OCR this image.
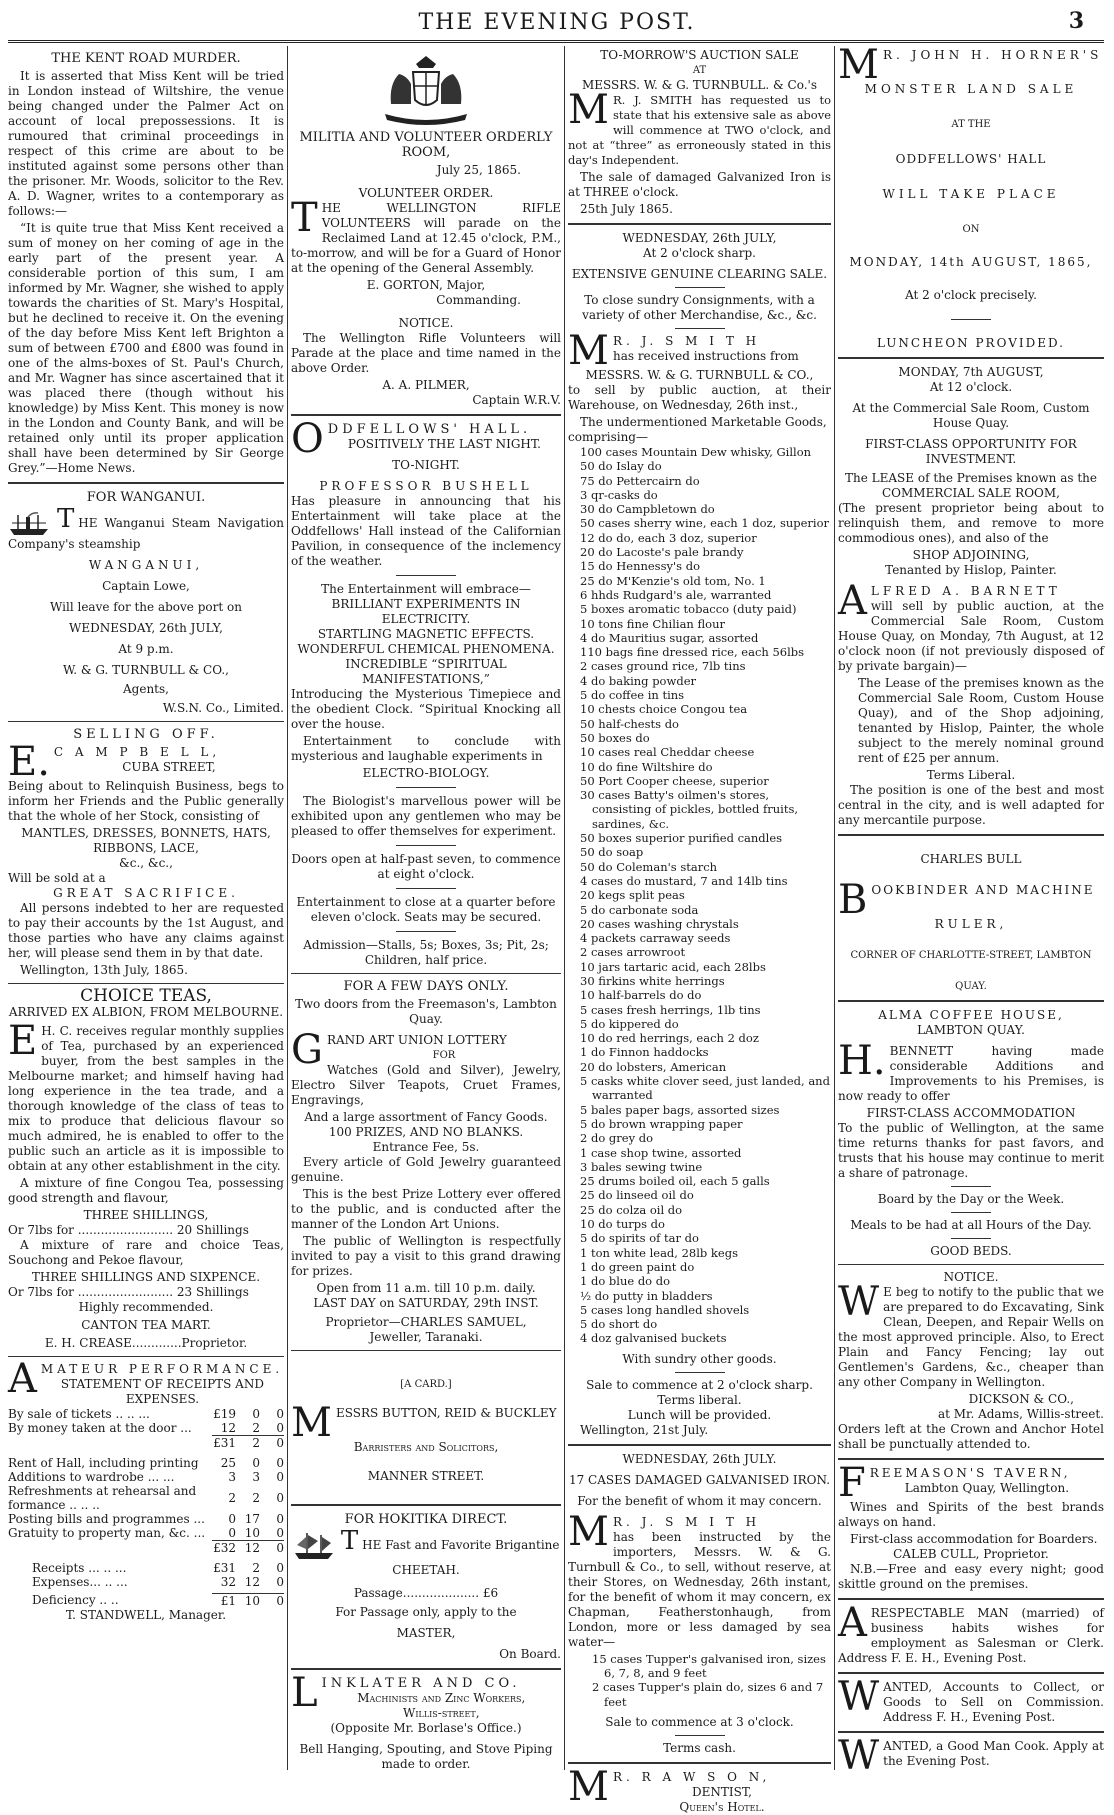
THE EVENING POST.	3
THE KENT ROAD MURDER.

It is asserted that Miss Kent will be tried in London instead of Wiltshire, the venue being changed under the Palmer Act on account of local prepossessions. It is rumoured that criminal proceedings in respect of this crime are about to be instituted against some persons other than the prisoner. Mr. Woods, solicitor to the Rev. A. D. Wagner, writes to a contemporary as follows:—

“It is quite true that Miss Kent received a sum of money on her coming of age in the early part of the present year. A considerable portion of this sum, I am informed by Mr. Wagner, she wished to apply towards the charities of St. Mary's Hospital, but he declined to receive it. On the evening of the day before Miss Kent left Brighton a sum of between £700 and £800 was found in one of the alms-boxes of St. Paul's Church, and Mr. Wagner has since ascertained that it was placed there (though without his knowledge) by Miss Kent. This money is now in the London and County Bank, and will be retained only until its proper application shall have been determined by Sir George Grey.”—Home News.

FOR WANGANUI.
THE Wanganui Steam Navigation Company's steamship
WANGANUI,
Captain Lowe,
Will leave for the above port on
WEDNESDAY, 26th JULY,
At 9 p.m.
W. & G. TURNBULL & CO.,
Agents,
W.S.N. Co., Limited.
SELLING OFF.
E. C A M P B E L L,
CUBA STREET,

Being about to Relinquish Business, begs to inform her Friends and the Public generally that the whole of her Stock, consisting of

MANTLES, DRESSES, BONNETS, HATS, RIBBONS, LACE,
&c., &c.,
Will be sold at a
GREAT SACRIFICE.

All persons indebted to her are requested to pay their accounts by the 1st August, and those parties who have any claims against her, will please send them in by that date.

Wellington, 13th July, 1865.
CHOICE TEAS,
ARRIVED EX ALBION, FROM MELBOURNE.

E H. C. receives regular monthly supplies of Tea, purchased by an experienced buyer, from the best samples in the Melbourne market; and himself having had long experience in the tea trade, and a thorough knowledge of the class of teas to mix to produce that delicious flavour so much admired, he is enabled to offer to the public such an article as it is impossible to obtain at any other establishment in the city.

A mixture of fine Congou Tea, possessing good strength and flavour,

THREE SHILLINGS,
Or 7lbs for ......................... 20 Shillings

A mixture of rare and choice Teas, Souchong and Pekoe flavour,

THREE SHILLINGS AND SIXPENCE.
Or 7lbs for ......................... 23 Shillings
Highly recommended.
CANTON TEA MART.
E. H. CREASE.............Proprietor.
AMATEUR PERFORMANCE.
STATEMENT OF RECEIPTS AND EXPENSES.
By sale of tickets .. .. ...	£19	0	0
By money taken at the door ...	12	2	0
	£31	2	0

Rent of Hall, including printing	25	0	0
Additions to wardrobe ... ...	3	3	0
Refreshments at rehearsal and formance .. .. ..	2	2	0
Posting bills and programmes ...	0	17	0
Gratuity to property man, &c. ...	0	10	0
	£32	12	0

Receipts ... .. ...	£31	2	0
Expenses... .. ...	32	12	0

Deficiency .. ..	£1	10	0
T. STANDWELL, Manager.
MILITIA AND VOLUNTEER ORDERLY ROOM,
July 25, 1865.
VOLUNTEER ORDER.

THE WELLINGTON RIFLE VOLUNTEERS will parade on the Reclaimed Land at 12.45 o'clock, P.M., to-morrow, and will be for a Guard of Honor at the opening of the General Assembly.

E. GORTON, Major,
Commanding.
NOTICE.

The Wellington Rifle Volunteers will Parade at the place and time named in the above Order.

A. A. PILMER,
Captain W.R.V.
ODDFELLOWS' HALL.
POSITIVELY THE LAST NIGHT.
TO-NIGHT.
PROFESSOR BUSHELL

Has pleasure in announcing that his Entertainment will take place at the Oddfellows' Hall instead of the Californian Pavilion, in consequence of the inclemency of the weather.

The Entertainment will embrace—
BRILLIANT EXPERIMENTS IN ELECTRICITY.
STARTLING MAGNETIC EFFECTS.
WONDERFUL CHEMICAL PHENOMENA.
INCREDIBLE “SPIRITUAL MANIFESTATIONS,”

Introducing the Mysterious Timepiece and the obedient Clock. “Spiritual Knocking all over the house.

Entertainment to conclude with mysterious and laughable experiments in

ELECTRO-BIOLOGY.

The Biologist's marvellous power will be exhibited upon any gentlemen who may be pleased to offer themselves for experiment.

Doors open at half-past seven, to commence at eight o'clock.
Entertainment to close at a quarter before eleven o'clock. Seats may be secured.
Admission—Stalls, 5s; Boxes, 3s; Pit, 2s; Children, half price.
FOR A FEW DAYS ONLY.
Two doors from the Freemason's, Lambton Quay.
GRAND ART UNION LOTTERY
FOR

Watches (Gold and Silver), Jewelry, Electro Silver Teapots, Cruet Frames, Engravings,

And a large assortment of Fancy Goods.
100 PRIZES, AND NO BLANKS.
Entrance Fee, 5s.

Every article of Gold Jewelry guaranteed genuine.

This is the best Prize Lottery ever offered to the public, and is conducted after the manner of the London Art Unions.

The public of Wellington is respectfully invited to pay a visit to this grand drawing for prizes.

Open from 11 a.m. till 10 p.m. daily.
LAST DAY on SATURDAY, 29th INST.
Proprietor—CHARLES SAMUEL,
Jeweller, Taranaki.
[A CARD.]
MESSRS BUTTON, REID & BUCKLEY
Barristers and Solicitors,
MANNER STREET.
FOR HOKITIKA DIRECT.
THE Fast and Favorite Brigantine
CHEETAH.
Passage.................... £6
For Passage only, apply to the
MASTER,
On Board.
LINKLATER AND CO.
Machinists and Zinc Workers,
Willis-street,
(Opposite Mr. Borlase's Office.)
Bell Hanging, Spouting, and Stove Piping made to order.
TO-MORROW'S AUCTION SALE
AT
MESSRS. W. & G. TURNBULL. & Co.'s

M R. J. SMITH has requested us to state that his extensive sale as above will commence at TWO o'clock, and not at “three” as erroneously stated in this day's Independent.

The sale of damaged Galvanized Iron is at THREE o'clock.

25th July 1865.
WEDNESDAY, 26th JULY,
At 2 o'clock sharp.
EXTENSIVE GENUINE CLEARING SALE.
To close sundry Consignments, with a variety of other Merchandise, &c., &c.
M R. J. S M I T H
has received instructions from
MESSRS. W. & G. TURNBULL & CO.,

to sell by public auction, at their Warehouse, on Wednesday, 26th inst.,

The undermentioned Marketable Goods, comprising—
100 cases Mountain Dew whisky, Gillon
50 do Islay do
75 do Pettercairn do
3 qr-casks do
30 do Campbletown do
50 cases sherry wine, each 1 doz, superior
12 do do, each 3 doz, superior
20 do Lacoste's pale brandy
15 do Hennessy's do
25 do M'Kenzie's old tom, No. 1
6 hhds Rudgard's ale, warranted
5 boxes aromatic tobacco (duty paid)
10 tons fine Chilian flour
4 do Mauritius sugar, assorted
110 bags fine dressed rice, each 56lbs
2 cases ground rice, 7lb tins
4 do baking powder
5 do coffee in tins
10 chests choice Congou tea
50 half-chests do
50 boxes do
10 cases real Cheddar cheese
10 do fine Wiltshire do
50 Port Cooper cheese, superior
30 cases Batty's oilmen's stores, consisting of pickles, bottled fruits, sardines, &c.
50 boxes superior purified candles
50 do soap
50 do Coleman's starch
4 cases do mustard, 7 and 14lb tins
20 kegs split peas
5 do carbonate soda
20 cases washing chrystals
4 packets carraway seeds
2 cases arrowroot
10 jars tartaric acid, each 28lbs
30 firkins white herrings
10 half-barrels do do
5 cases fresh herrings, 1lb tins
5 do kippered do
10 do red herrings, each 2 doz
1 do Finnon haddocks
20 do lobsters, American
5 casks white clover seed, just landed, and warranted
5 bales paper bags, assorted sizes
5 do brown wrapping paper
2 do grey do
1 case shop twine, assorted
3 bales sewing twine
25 drums boiled oil, each 5 galls
25 do linseed oil do
25 do colza oil do
10 do turps do
5 do spirits of tar do
1 ton white lead, 28lb kegs
1 do green paint do
1 do blue do do
½ do putty in bladders
5 cases long handled shovels
5 do short do
4 doz galvanised buckets
With sundry other goods.
Sale to commence at 2 o'clock sharp.
Terms liberal.
Lunch will be provided.
Wellington, 21st July.
WEDNESDAY, 26th JULY.
17 CASES DAMAGED GALVANISED IRON.
For the benefit of whom it may concern.
M R. J. S M I T H

has been instructed by the importers, Messrs. W. & G. Turnbull & Co., to sell, without reserve, at their Stores, on Wednesday, 26th instant, for the benefit of whom it may concern, ex Chapman, Featherstonhaugh, from London, more or less damaged by sea water—

15 cases Tupper's galvanised iron, sizes 6, 7, 8, and 9 feet
2 cases Tupper's plain do, sizes 6 and 7 feet
Sale to commence at 3 o'clock.
Terms cash.
M R. R A W S O N,
DENTIST,
Queen's Hotel.
M R. JOHN H. HORNER'S
MONSTER LAND SALE
AT THE
ODDFELLOWS' HALL
WILL TAKE PLACE
ON
MONDAY, 14th AUGUST, 1865,
At 2 o'clock precisely.
LUNCHEON PROVIDED.
MONDAY, 7th AUGUST,
At 12 o'clock.
At the Commercial Sale Room, Custom House Quay.
FIRST-CLASS OPPORTUNITY FOR INVESTMENT.
The LEASE of the Premises known as the
COMMERCIAL SALE ROOM,

(The present proprietor being about to relinquish them, and remove to more commodious ones), and also of the

SHOP ADJOINING,
Tenanted by Hislop, Painter.
ALFRED A. BARNETT

will sell by public auction, at the Commercial Sale Room, Custom House Quay, on Monday, 7th August, at 12 o'clock noon (if not previously disposed of by private bargain)—

The Lease of the premises known as the Commercial Sale Room, Custom House Quay), and of the Shop adjoining, tenanted by Hislop, Painter, the whole subject to the merely nominal ground rent of £25 per annum.

Terms Liberal.

The position is one of the best and most central in the city, and is well adapted for any mercantile purpose.

CHARLES BULL
BOOKBINDER AND MACHINE
RULER,
CORNER OF CHARLOTTE-STREET, LAMBTON
QUAY.
ALMA COFFEE HOUSE,
LAMBTON QUAY.

H. BENNETT having made considerable Additions and Improvements to his Premises, is now ready to offer

FIRST-CLASS ACCOMMODATION

To the public of Wellington, at the same time returns thanks for past favors, and trusts that his house may continue to merit a share of patronage.

Board by the Day or the Week.
Meals to be had at all Hours of the Day.
GOOD BEDS.
NOTICE.

W E beg to notify to the public that we are prepared to do Excavating, Sink Clean, Deepen, and Repair Wells on the most approved principle. Also, to Erect Plain and Fancy Fencing; lay out Gentlemen's Gardens, &c., cheaper than any other Company in Wellington.

DICKSON & CO.,
at Mr. Adams, Willis-street.

Orders left at the Crown and Anchor Hotel shall be punctually attended to.

FREEMASON'S TAVERN,
Lambton Quay, Wellington.

Wines and Spirits of the best brands always on hand.

First-class accommodation for Boarders.
CALEB CULL, Proprietor.

N.B.—Free and easy every night; good skittle ground on the premises.

ARESPECTABLE MAN (married) of business habits wishes for employment as Salesman or Clerk. Address F. E. H., Evening Post.

WANTED, Accounts to Collect, or Goods to Sell on Commission. Address F. H., Evening Post.

WANTED, a Good Man Cook. Apply at the Evening Post.
